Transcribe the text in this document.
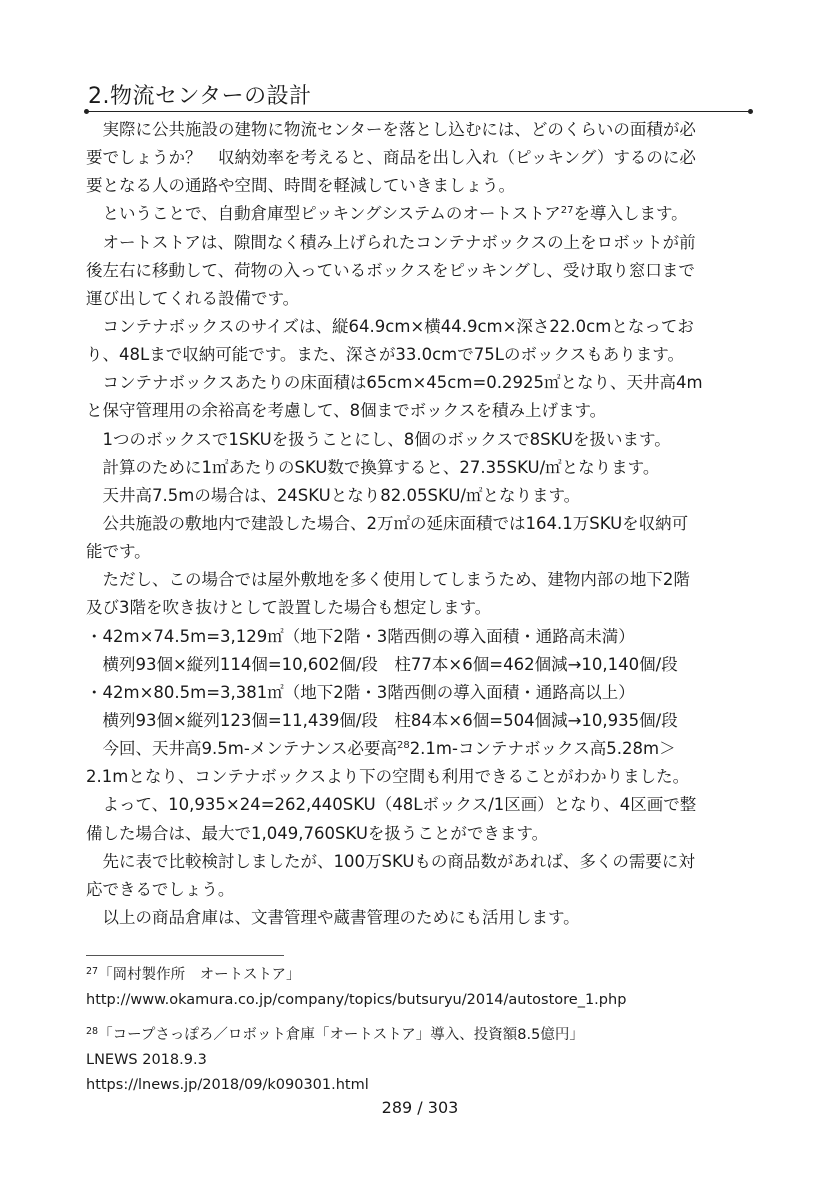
2.物流センターの設計
　実際に公共施設の建物に物流センターを落とし込むには、どのくらいの面積が必
要でしょうか？　収納効率を考えると、商品を出し入れ（ピッキング）するのに必
要となる人の通路や空間、時間を軽減していきましょう。
　ということで、自動倉庫型ピッキングシステムのオートストア$^{27}$を導入します。
　オートストアは、隙間なく積み上げられたコンテナボックスの上をロボットが前
後左右に移動して、荷物の入っているボックスをピッキングし、受け取り窓口まで
運び出してくれる設備です。
　コンテナボックスのサイズは、縦64.9cm×横44.9cm×深さ22.0cmとなってお
り、48Lまで収納可能です。また、深さが33.0cmで75Lのボックスもあります。
　コンテナボックスあたりの床面積は65cm×45cm=0.2925㎡となり、天井高4m
と保守管理用の余裕高を考慮して、8個までボックスを積み上げます。
　1つのボックスで1SKUを扱うことにし、8個のボックスで8SKUを扱います。
　計算のために1㎡あたりのSKU数で換算すると、27.35SKU/㎡となります。
　天井高7.5mの場合は、24SKUとなり82.05SKU/㎡となります。
　公共施設の敷地内で建設した場合、2万㎡の延床面積では164.1万SKUを収納可
能です。
　ただし、この場合では屋外敷地を多く使用してしまうため、建物内部の地下2階
及び3階を吹き抜けとして設置した場合も想定します。
・42m×74.5m=3,129㎡（地下2階・3階西側の導入面積・通路高未満）
　横列93個×縦列114個=10,602個/段　柱77本×6個=462個減→10,140個/段
・42m×80.5m=3,381㎡（地下2階・3階西側の導入面積・通路高以上）
　横列93個×縦列123個=11,439個/段　柱84本×6個=504個減→10,935個/段
　今回、天井高9.5m-メンテナンス必要高$^{28}$2.1m-コンテナボックス高5.28m＞
2.1mとなり、コンテナボックスより下の空間も利用できることがわかりました。
　よって、10,935×24=262,440SKU（48Lボックス/1区画）となり、4区画で整
備した場合は、最大で1,049,760SKUを扱うことができます。
　先に表で比較検討しましたが、100万SKUもの商品数があれば、多くの需要に対
応できるでしょう。
　以上の商品倉庫は、文書管理や蔵書管理のためにも活用します。
$^{27}$「岡村製作所　オートストア」
http://www.okamura.co.jp/company/topics/butsuryu/2014/autostore_1.php
$^{28}$「コープさっぽろ／ロボット倉庫「オートストア」導入、投資額8.5億円」
LNEWS 2018.9.3
https://lnews.jp/2018/09/k090301.html
289 / 303
